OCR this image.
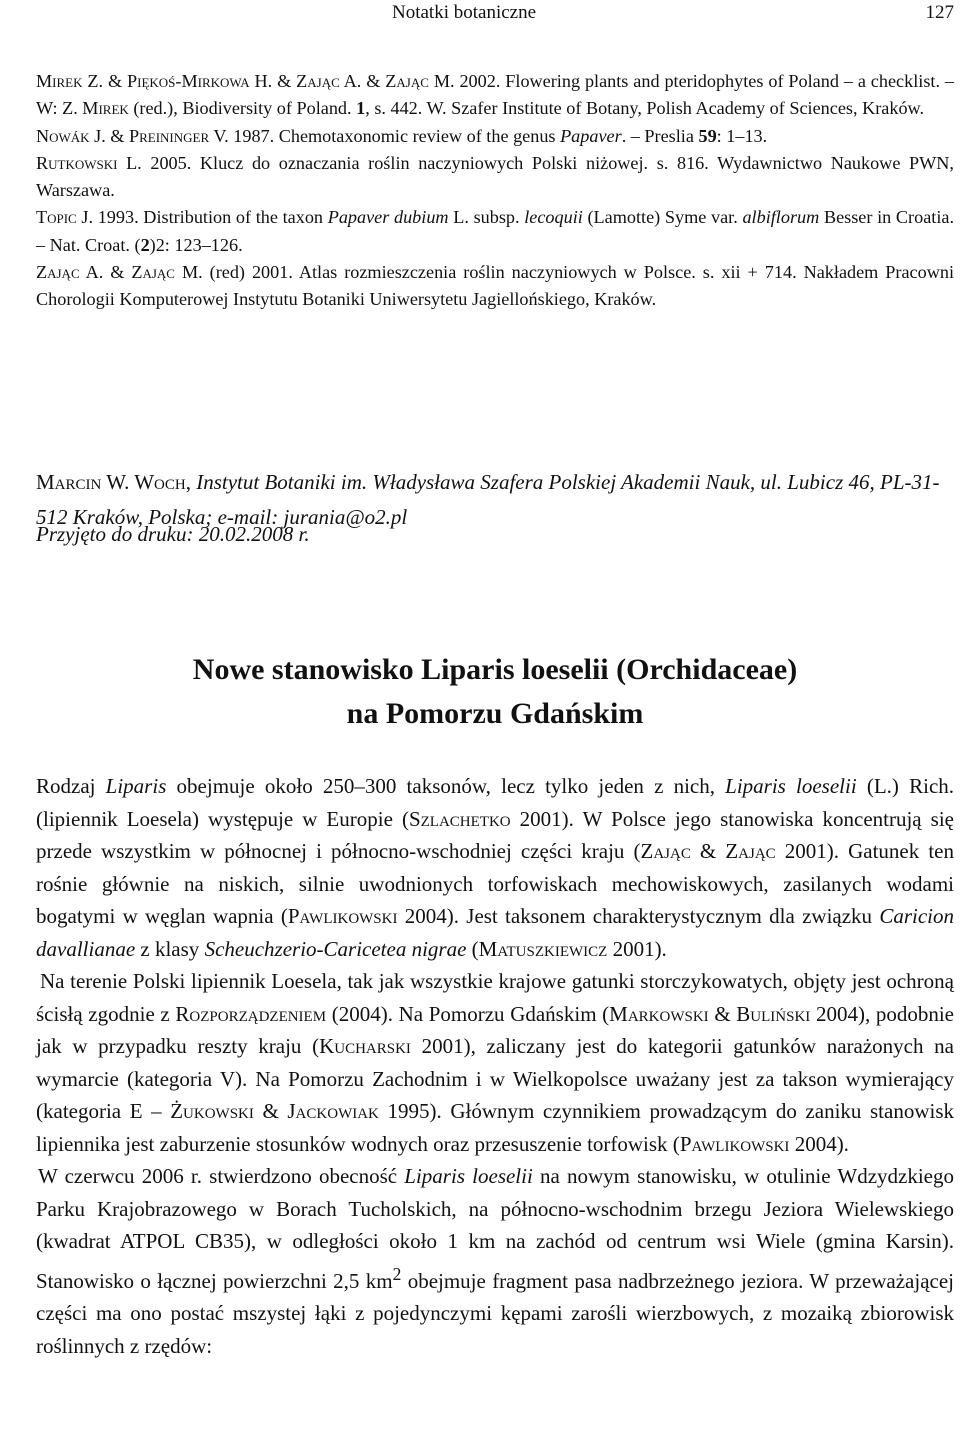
Notatki botaniczne	127
Mirek Z. & Piękoś-Mirkowa H. & Zając A. & Zając M. 2002. Flowering plants and pteridophytes of Poland – a checklist. – W: Z. Mirek (red.), Biodiversity of Poland. 1, s. 442. W. Szafer Institute of Botany, Polish Academy of Sciences, Kraków.
Nowák J. & Preininger V. 1987. Chemotaxonomic review of the genus Papaver. – Preslia 59: 1–13.
Rutkowski L. 2005. Klucz do oznaczania roślin naczyniowych Polski niżowej. s. 816. Wydawnictwo Naukowe PWN, Warszawa.
Topic J. 1993. Distribution of the taxon Papaver dubium L. subsp. lecoquii (Lamotte) Syme var. albiflorum Besser in Croatia. – Nat. Croat. (2)2: 123–126.
Zając A. & Zając M. (red) 2001. Atlas rozmieszczenia roślin naczyniowych w Polsce. s. xii + 714. Nakładem Pracowni Chorologii Komputerowej Instytutu Botaniki Uniwersytetu Jagiellońskiego, Kraków.
Marcin W. Woch, Instytut Botaniki im. Władysława Szafera Polskiej Akademii Nauk, ul. Lubicz 46, PL-31-512 Kraków, Polska; e-mail: jurania@o2.pl
Przyjęto do druku: 20.02.2008 r.
Nowe stanowisko Liparis loeselii (Orchidaceae)
na Pomorzu Gdańskim

Rodzaj Liparis obejmuje około 250–300 taksonów, lecz tylko jeden z nich, Liparis loeselii (L.) Rich. (lipiennik Loesela) występuje w Europie (Szlachetko 2001). W Polsce jego stanowiska koncentrują się przede wszystkim w północnej i północno-wschodniej części kraju (Zając & Zając 2001). Gatunek ten rośnie głównie na niskich, silnie uwodnionych torfowiskach mechowiskowych, zasilanych wodami bogatymi w węglan wapnia (Pawlikowski 2004). Jest taksonem charakterystycznym dla związku Caricion davallianae z klasy Scheuchzerio-Caricetea nigrae (Matuszkiewicz 2001).

Na terenie Polski lipiennik Loesela, tak jak wszystkie krajowe gatunki storczykowatych, objęty jest ochroną ścisłą zgodnie z Rozporządzeniem (2004). Na Pomorzu Gdańskim (Markowski & Buliński 2004), podobnie jak w przypadku reszty kraju (Kucharski 2001), zaliczany jest do kategorii gatunków narażonych na wymarcie (kategoria V). Na Pomorzu Zachodnim i w Wielkopolsce uważany jest za takson wymierający (kategoria E – Żukowski & Jackowiak 1995). Głównym czynnikiem prowadzącym do zaniku stanowisk lipiennika jest zaburzenie stosunków wodnych oraz przesuszenie torfowisk (Pawlikowski 2004).

W czerwcu 2006 r. stwierdzono obecność Liparis loeselii na nowym stanowisku, w otulinie Wdzydzkiego Parku Krajobrazowego w Borach Tucholskich, na północno-wschodnim brzegu Jeziora Wielewskiego (kwadrat ATPOL CB35), w odległości około 1 km na zachód od centrum wsi Wiele (gmina Karsin). Stanowisko o łącznej powierzchni 2,5 $km^2$ obejmuje fragment pasa nadbrzeżnego jeziora. W przeważającej części ma ono postać mszystej łąki z pojedynczymi kępami zarośli wierzbowych, z mozaiką zbiorowisk roślinnych z rzędów:
